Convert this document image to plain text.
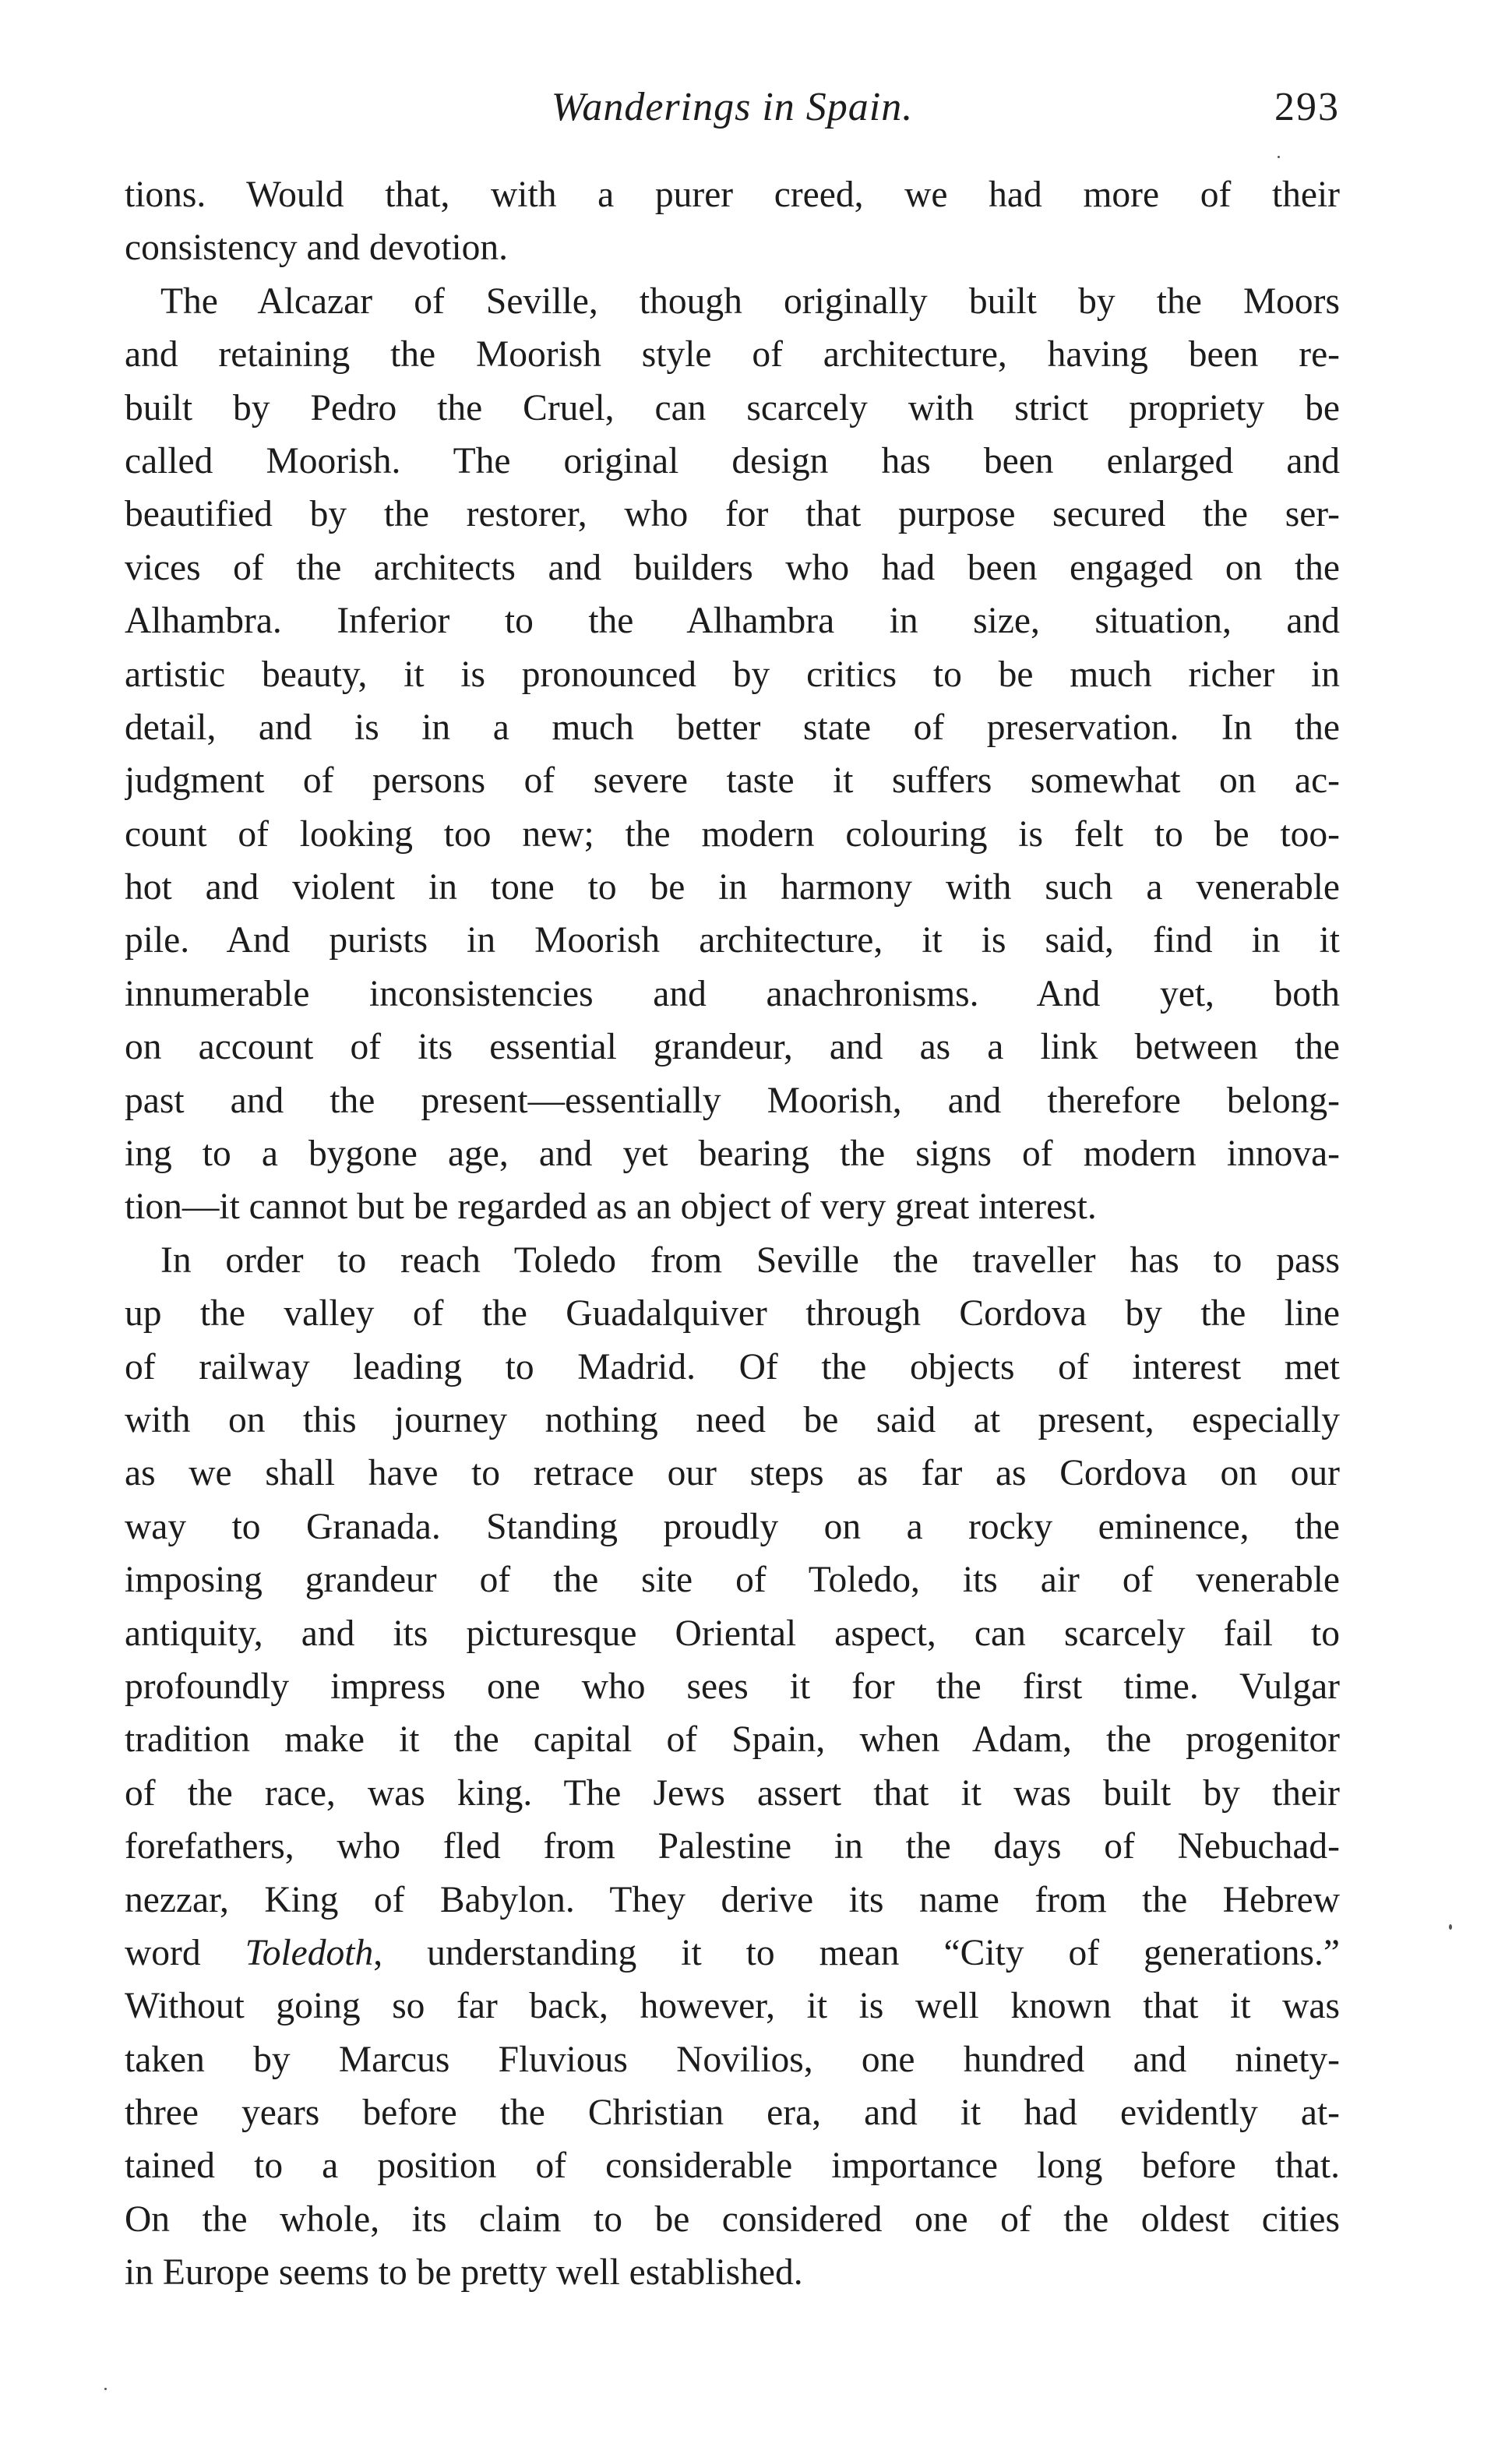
Wanderings in Spain.	293
tions. Would that, with a purer creed, we had more of their
consistency and devotion.
The Alcazar of Seville, though originally built by the Moors
and retaining the Moorish style of architecture, having been re-
built by Pedro the Cruel, can scarcely with strict propriety be
called Moorish. The original design has been enlarged and
beautified by the restorer, who for that purpose secured the ser-
vices of the architects and builders who had been engaged on the
Alhambra. Inferior to the Alhambra in size, situation, and
artistic beauty, it is pronounced by critics to be much richer in
detail, and is in a much better state of preservation. In the
judgment of persons of severe taste it suffers somewhat on ac-
count of looking too new; the modern colouring is felt to be too-
hot and violent in tone to be in harmony with such a venerable
pile. And purists in Moorish architecture, it is said, find in it
innumerable inconsistencies and anachronisms. And yet, both
on account of its essential grandeur, and as a link between the
past and the present—essentially Moorish, and therefore belong-
ing to a bygone age, and yet bearing the signs of modern innova-
tion—it cannot but be regarded as an object of very great interest.
In order to reach Toledo from Seville the traveller has to pass
up the valley of the Guadalquiver through Cordova by the line
of railway leading to Madrid. Of the objects of interest met
with on this journey nothing need be said at present, especially
as we shall have to retrace our steps as far as Cordova on our
way to Granada. Standing proudly on a rocky eminence, the
imposing grandeur of the site of Toledo, its air of venerable
antiquity, and its picturesque Oriental aspect, can scarcely fail to
profoundly impress one who sees it for the first time. Vulgar
tradition make it the capital of Spain, when Adam, the progenitor
of the race, was king. The Jews assert that it was built by their
forefathers, who fled from Palestine in the days of Nebuchad-
nezzar, King of Babylon. They derive its name from the Hebrew
word Toledoth, understanding it to mean “City of generations.”
Without going so far back, however, it is well known that it was
taken by Marcus Fluvious Novilios, one hundred and ninety-
three years before the Christian era, and it had evidently at-
tained to a position of considerable importance long before that.
On the whole, its claim to be considered one of the oldest cities
in Europe seems to be pretty well established.
